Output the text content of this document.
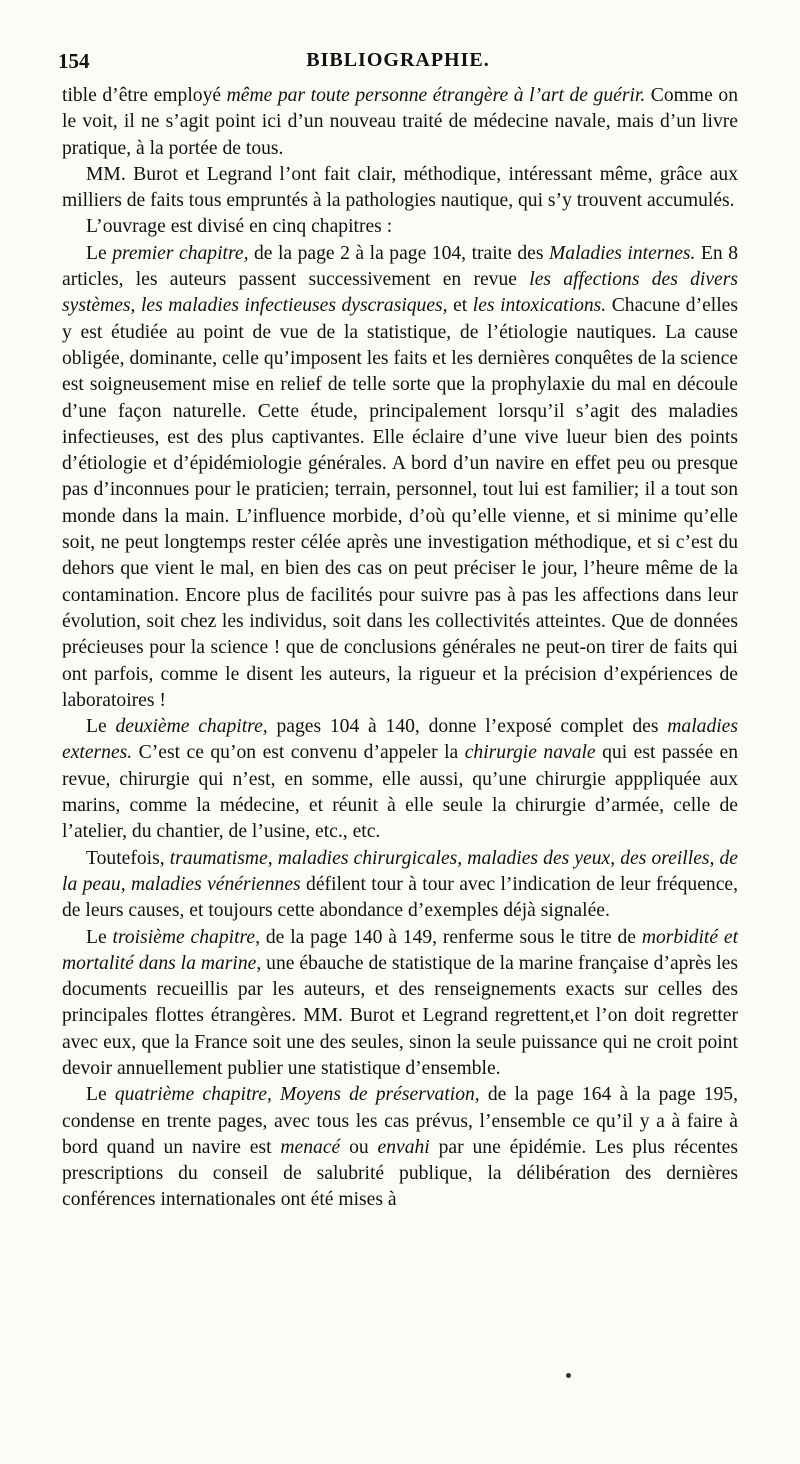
154	BIBLIOGRAPHIE.

tible d’être employé même par toute personne étrangère à l’art de guérir. Comme on le voit, il ne s’agit point ici d’un nouveau traité de médecine navale, mais d’un livre pratique, à la portée de tous.

MM. Burot et Legrand l’ont fait clair, méthodique, intéressant même, grâce aux milliers de faits tous empruntés à la pathologies nautique, qui s’y trouvent accumulés.

L’ouvrage est divisé en cinq chapitres :

Le premier chapitre, de la page 2 à la page 104, traite des Maladies internes. En 8 articles, les auteurs passent successivement en revue les affections des divers systèmes, les maladies infectieuses dyscrasiques, et les intoxications. Chacune d’elles y est étudiée au point de vue de la statistique, de l’étiologie nautiques. La cause obligée, dominante, celle qu’imposent les faits et les dernières conquêtes de la science est soigneusement mise en relief de telle sorte que la prophylaxie du mal en découle d’une façon naturelle. Cette étude, principalement lorsqu’il s’agit des maladies infectieuses, est des plus captivantes. Elle éclaire d’une vive lueur bien des points d’étiologie et d’épidémiologie générales. A bord d’un navire en effet peu ou presque pas d’inconnues pour le praticien; terrain, personnel, tout lui est familier; il a tout son monde dans la main. L’influence morbide, d’où qu’elle vienne, et si minime qu’elle soit, ne peut longtemps rester célée après une investigation méthodique, et si c’est du dehors que vient le mal, en bien des cas on peut préciser le jour, l’heure même de la contamination. Encore plus de facilités pour suivre pas à pas les affections dans leur évolution, soit chez les individus, soit dans les collectivités atteintes. Que de données précieuses pour la science ! que de conclusions générales ne peut-on tirer de faits qui ont parfois, comme le disent les auteurs, la rigueur et la précision d’expériences de laboratoires !

Le deuxième chapitre, pages 104 à 140, donne l’exposé complet des maladies externes. C’est ce qu’on est convenu d’appeler la chirurgie navale qui est passée en revue, chirurgie qui n’est, en somme, elle aussi, qu’une chirurgie apppliquée aux marins, comme la médecine, et réunit à elle seule la chirurgie d’armée, celle de l’atelier, du chantier, de l’usine, etc., etc.

Toutefois, traumatisme, maladies chirurgicales, maladies des yeux, des oreilles, de la peau, maladies vénériennes défilent tour à tour avec l’indication de leur fréquence, de leurs causes, et toujours cette abondance d’exemples déjà signalée.

Le troisième chapitre, de la page 140 à 149, renferme sous le titre de morbidité et mortalité dans la marine, une ébauche de statistique de la marine française d’après les documents recueillis par les auteurs, et des renseignements exacts sur celles des principales flottes étrangères. MM. Burot et Legrand regrettent,et l’on doit regretter avec eux, que la France soit une des seules, sinon la seule puissance qui ne croit point devoir annuellement publier une statistique d’ensemble.

Le quatrième chapitre, Moyens de préservation, de la page 164 à la page 195, condense en trente pages, avec tous les cas prévus, l’ensemble ce qu’il y a à faire à bord quand un navire est menacé ou envahi par une épidémie. Les plus récentes prescriptions du conseil de salubrité publique, la délibération des dernières conférences internationales ont été mises à
